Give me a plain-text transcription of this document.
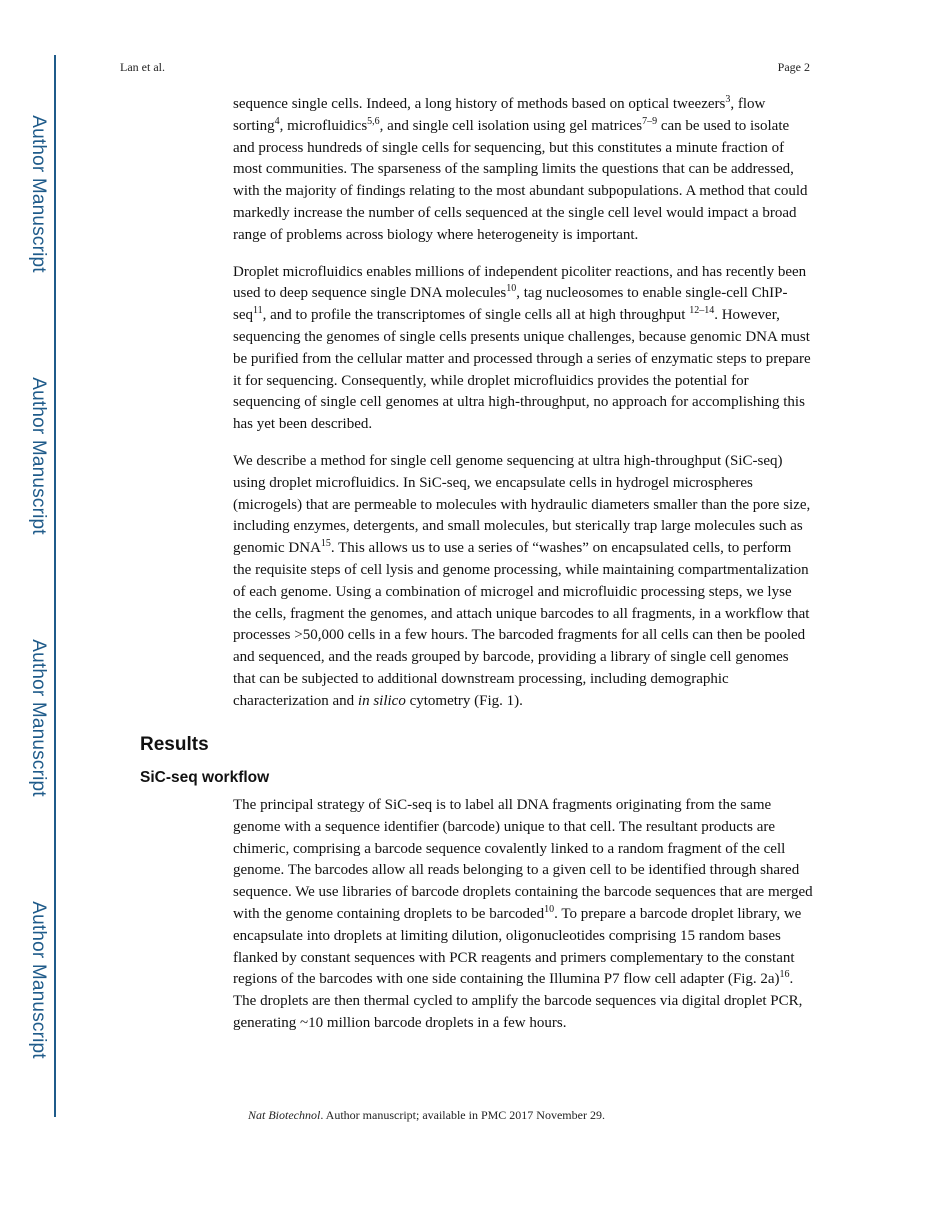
Author Manuscript
Author Manuscript
Author Manuscript
Author Manuscript
Lan et al.	Page 2

sequence single cells. Indeed, a long history of methods based on optical tweezers$^3$, flow sorting$^4$, microfluidics$^{5,6}$, and single cell isolation using gel matrices$^{7-9}$ can be used to isolate and process hundreds of single cells for sequencing, but this constitutes a minute fraction of most communities. The sparseness of the sampling limits the questions that can be addressed, with the majority of findings relating to the most abundant subpopulations. A method that could markedly increase the number of cells sequenced at the single cell level would impact a broad range of problems across biology where heterogeneity is important.

Droplet microfluidics enables millions of independent picoliter reactions, and has recently been used to deep sequence single DNA molecules$^{10}$, tag nucleosomes to enable single-cell ChIP-seq$^{11}$, and to profile the transcriptomes of single cells all at high throughput $^{12-14}$. However, sequencing the genomes of single cells presents unique challenges, because genomic DNA must be purified from the cellular matter and processed through a series of enzymatic steps to prepare it for sequencing. Consequently, while droplet microfluidics provides the potential for sequencing of single cell genomes at ultra high-throughput, no approach for accomplishing this has yet been described.

We describe a method for single cell genome sequencing at ultra high-throughput (SiC-seq) using droplet microfluidics. In SiC-seq, we encapsulate cells in hydrogel microspheres (microgels) that are permeable to molecules with hydraulic diameters smaller than the pore size, including enzymes, detergents, and small molecules, but sterically trap large molecules such as genomic DNA$^{15}$. This allows us to use a series of “washes” on encapsulated cells, to perform the requisite steps of cell lysis and genome processing, while maintaining compartmentalization of each genome. Using a combination of microgel and microfluidic processing steps, we lyse the cells, fragment the genomes, and attach unique barcodes to all fragments, in a workflow that processes >50,000 cells in a few hours. The barcoded fragments for all cells can then be pooled and sequenced, and the reads grouped by barcode, providing a library of single cell genomes that can be subjected to additional downstream processing, including demographic characterization and in silico cytometry (Fig. 1).

Results
SiC-seq workflow

The principal strategy of SiC-seq is to label all DNA fragments originating from the same genome with a sequence identifier (barcode) unique to that cell. The resultant products are chimeric, comprising a barcode sequence covalently linked to a random fragment of the cell genome. The barcodes allow all reads belonging to a given cell to be identified through shared sequence. We use libraries of barcode droplets containing the barcode sequences that are merged with the genome containing droplets to be barcoded$^{10}$. To prepare a barcode droplet library, we encapsulate into droplets at limiting dilution, oligonucleotides comprising 15 random bases flanked by constant sequences with PCR reagents and primers complementary to the constant regions of the barcodes with one side containing the Illumina P7 flow cell adapter (Fig. 2a)$^{16}$. The droplets are then thermal cycled to amplify the barcode sequences via digital droplet PCR, generating ~10 million barcode droplets in a few hours.

Nat Biotechnol. Author manuscript; available in PMC 2017 November 29.
